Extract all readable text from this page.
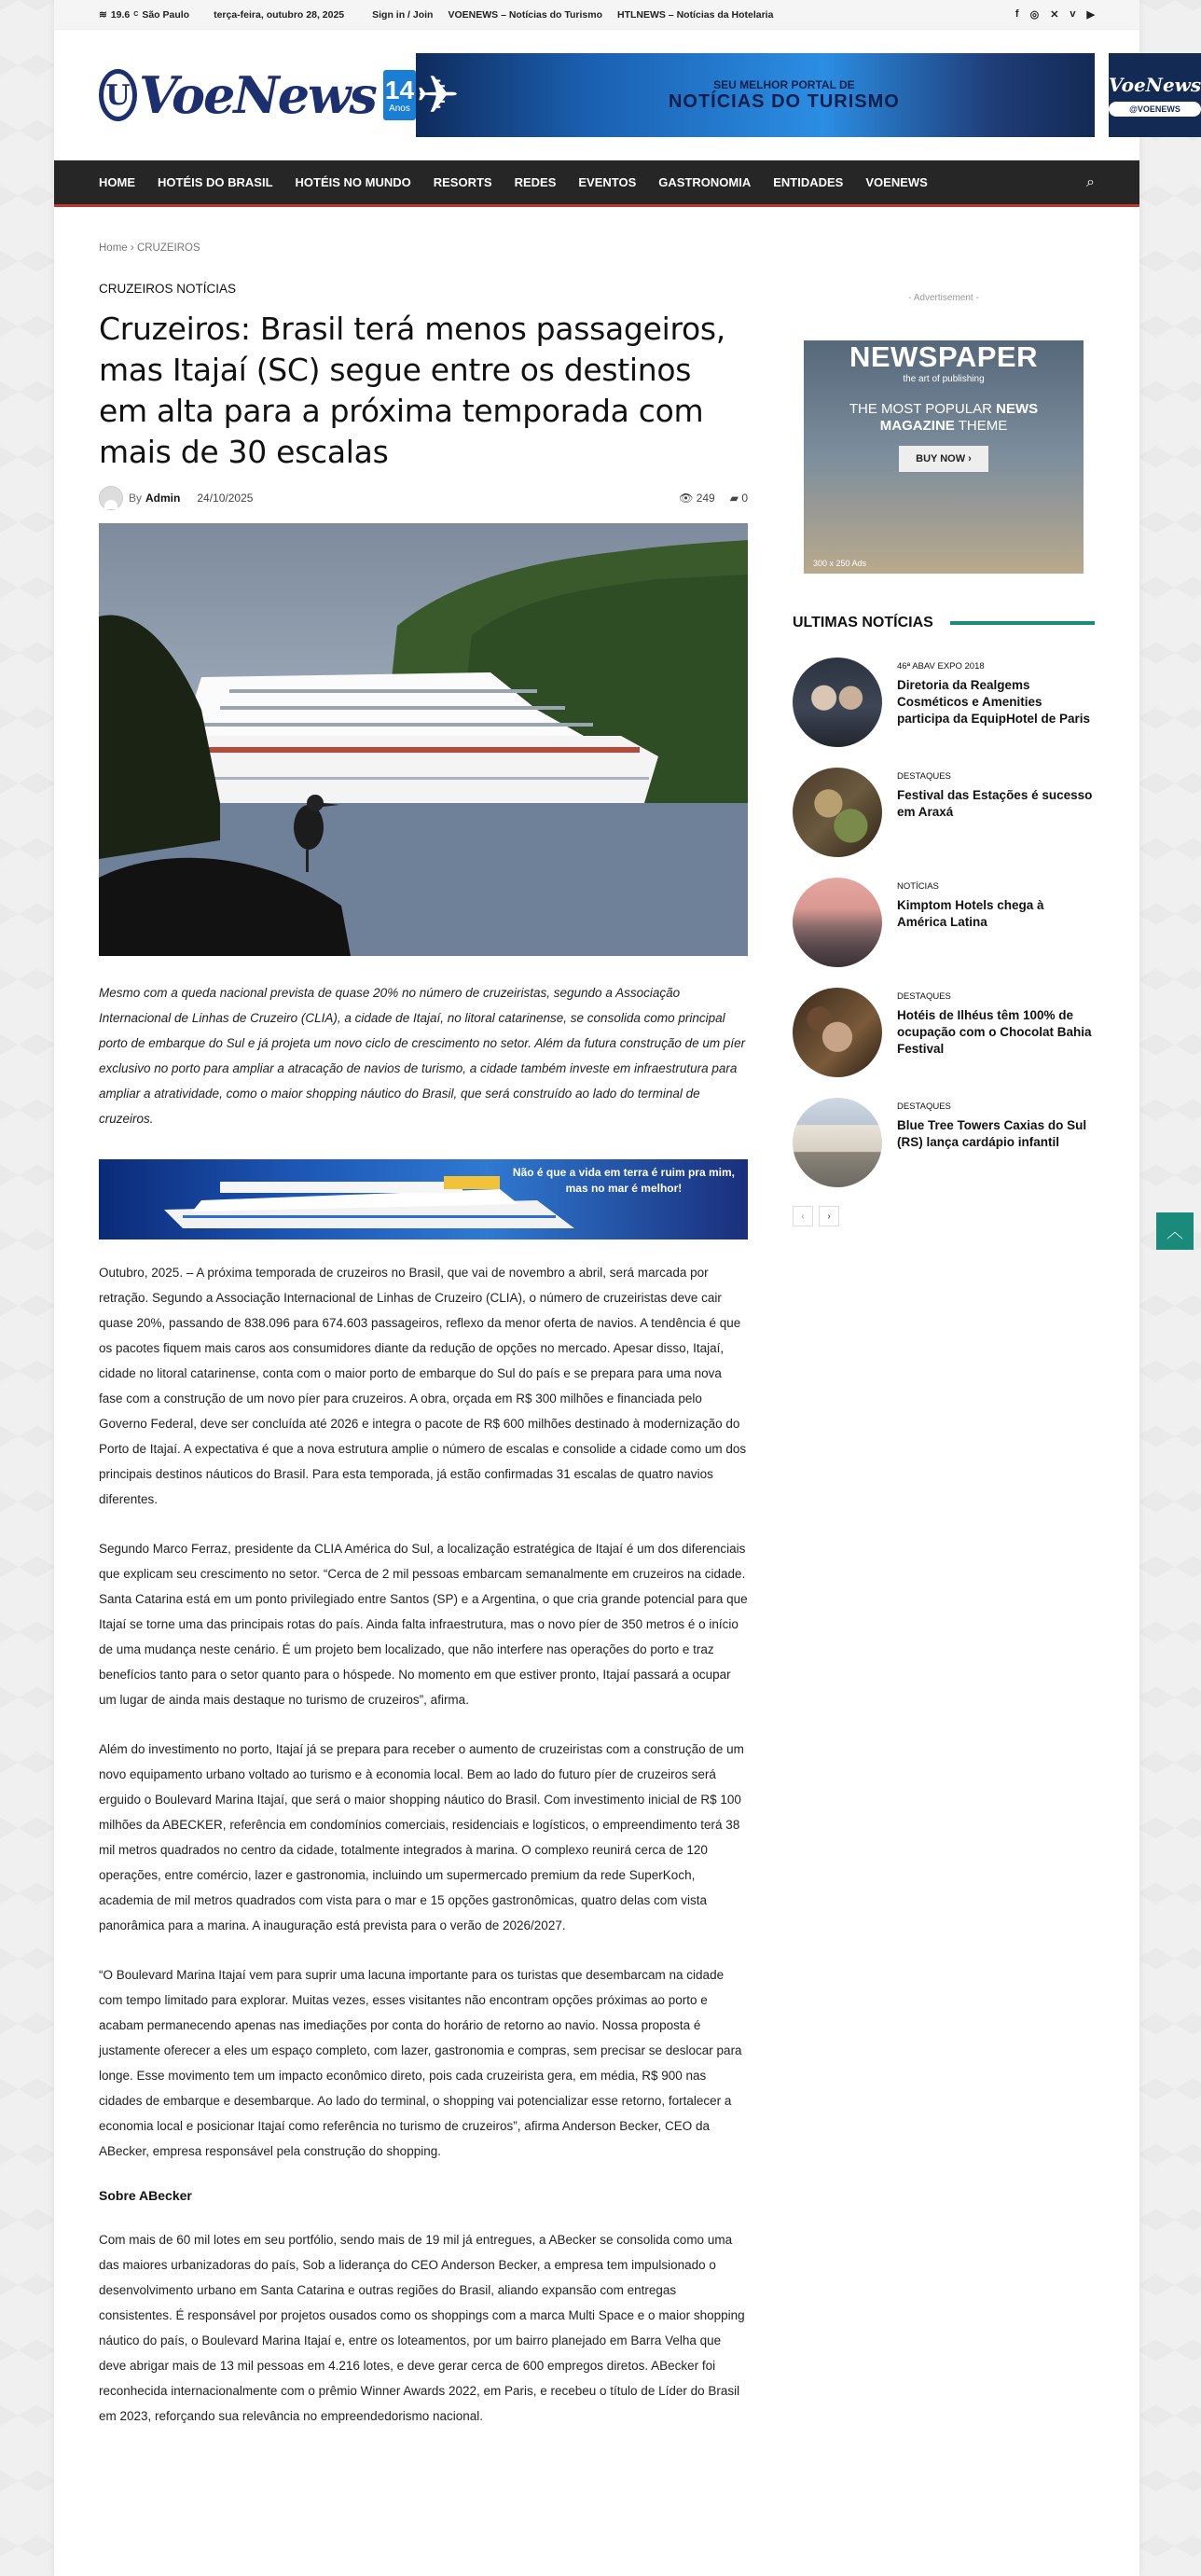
≋ 19.6 C São Paulo terça-feira, outubro 28, 2025	Sign in / Join VOENEWS – Notícias do Turismo HTLNEWS – Notícias da Hotelaria	f ◎ ✕ v ▶
U VoeNews 14
Anos ✈	SEU MELHOR PORTAL DE
NOTÍCIAS DO TURISMO
VoeNews
@VOENEWS
HOME	HOTÉIS DO BRASIL	HOTÉIS NO MUNDO	RESORTS	REDES	EVENTOS	GASTRONOMIA	ENTIDADES	VOENEWS	⌕
Home › CRUZEIROS
CRUZEIROS NOTÍCIAS
Cruzeiros: Brasil terá menos passageiros, mas Itajaí (SC) segue entre os destinos em alta para a próxima temporada com mais de 30 escalas
By Admin 24/10/2025	👁 249 ▰ 0

Mesmo com a queda nacional prevista de quase 20% no número de cruzeiristas, segundo a Associação Internacional de Linhas de Cruzeiro (CLIA), a cidade de Itajaí, no litoral catarinense, se consolida como principal porto de embarque do Sul e já projeta um novo ciclo de crescimento no setor. Além da futura construção de um píer exclusivo no porto para ampliar a atracação de navios de turismo, a cidade também investe em infraestrutura para ampliar a atratividade, como o maior shopping náutico do Brasil, que será construído ao lado do terminal de cruzeiros.

Não é que a vida em terra é ruim pra mim,
mas no mar é melhor!

Outubro, 2025. – A próxima temporada de cruzeiros no Brasil, que vai de novembro a abril, será marcada por retração. Segundo a Associação Internacional de Linhas de Cruzeiro (CLIA), o número de cruzeiristas deve cair quase 20%, passando de 838.096 para 674.603 passageiros, reflexo da menor oferta de navios. A tendência é que os pacotes fiquem mais caros aos consumidores diante da redução de opções no mercado. Apesar disso, Itajaí, cidade no litoral catarinense, conta com o maior porto de embarque do Sul do país e se prepara para uma nova fase com a construção de um novo píer para cruzeiros. A obra, orçada em R$ 300 milhões e financiada pelo Governo Federal, deve ser concluída até 2026 e integra o pacote de R$ 600 milhões destinado à modernização do Porto de Itajaí. A expectativa é que a nova estrutura amplie o número de escalas e consolide a cidade como um dos principais destinos náuticos do Brasil. Para esta temporada, já estão confirmadas 31 escalas de quatro navios diferentes.

Segundo Marco Ferraz, presidente da CLIA América do Sul, a localização estratégica de Itajaí é um dos diferenciais que explicam seu crescimento no setor. “Cerca de 2 mil pessoas embarcam semanalmente em cruzeiros na cidade. Santa Catarina está em um ponto privilegiado entre Santos (SP) e a Argentina, o que cria grande potencial para que Itajaí se torne uma das principais rotas do país. Ainda falta infraestrutura, mas o novo píer de 350 metros é o início de uma mudança neste cenário. É um projeto bem localizado, que não interfere nas operações do porto e traz benefícios tanto para o setor quanto para o hóspede. No momento em que estiver pronto, Itajaí passará a ocupar um lugar de ainda mais destaque no turismo de cruzeiros”, afirma.

Além do investimento no porto, Itajaí já se prepara para receber o aumento de cruzeiristas com a construção de um novo equipamento urbano voltado ao turismo e à economia local. Bem ao lado do futuro píer de cruzeiros será erguido o Boulevard Marina Itajaí, que será o maior shopping náutico do Brasil. Com investimento inicial de R$ 100 milhões da ABECKER, referência em condomínios comerciais, residenciais e logísticos, o empreendimento terá 38 mil metros quadrados no centro da cidade, totalmente integrados à marina. O complexo reunirá cerca de 120 operações, entre comércio, lazer e gastronomia, incluindo um supermercado premium da rede SuperKoch, academia de mil metros quadrados com vista para o mar e 15 opções gastronômicas, quatro delas com vista panorâmica para a marina. A inauguração está prevista para o verão de 2026/2027.

“O Boulevard Marina Itajaí vem para suprir uma lacuna importante para os turistas que desembarcam na cidade com tempo limitado para explorar. Muitas vezes, esses visitantes não encontram opções próximas ao porto e acabam permanecendo apenas nas imediações por conta do horário de retorno ao navio. Nossa proposta é justamente oferecer a eles um espaço completo, com lazer, gastronomia e compras, sem precisar se deslocar para longe. Esse movimento tem um impacto econômico direto, pois cada cruzeirista gera, em média, R$ 900 nas cidades de embarque e desembarque. Ao lado do terminal, o shopping vai potencializar esse retorno, fortalecer a economia local e posicionar Itajaí como referência no turismo de cruzeiros”, afirma Anderson Becker, CEO da ABecker, empresa responsável pela construção do shopping.

Sobre ABecker

Com mais de 60 mil lotes em seu portfólio, sendo mais de 19 mil já entregues, a ABecker se consolida como uma das maiores urbanizadoras do país, Sob a liderança do CEO Anderson Becker, a empresa tem impulsionado o desenvolvimento urbano em Santa Catarina e outras regiões do Brasil, aliando expansão com entregas consistentes. É responsável por projetos ousados como os shoppings com a marca Multi Space e o maior shopping náutico do país, o Boulevard Marina Itajaí e, entre os loteamentos, por um bairro planejado em Barra Velha que deve abrigar mais de 13 mil pessoas em 4.216 lotes, e deve gerar cerca de 600 empregos diretos. ABecker foi reconhecida internacionalmente com o prêmio Winner Awards 2022, em Paris, e recebeu o título de Líder do Brasil em 2023, reforçando sua relevância no empreendedorismo nacional.

- Advertisement -
NEWSPAPER
the art of publishing
THE MOST POPULAR NEWS
MAGAZINE THEME
BUY NOW ›
300 x 250 Ads
ULTIMAS NOTÍCIAS
46ª ABAV EXPO 2018
Diretoria da Realgems Cosméticos e Amenities participa da EquipHotel de Paris
DESTAQUES
Festival das Estações é sucesso em Araxá
NOTÍCIAS
Kimptom Hotels chega à América Latina
DESTAQUES
Hotéis de Ilhéus têm 100% de ocupação com o Chocolat Bahia Festival
DESTAQUES
Blue Tree Towers Caxias do Sul (RS) lança cardápio infantil
‹	›
︿
